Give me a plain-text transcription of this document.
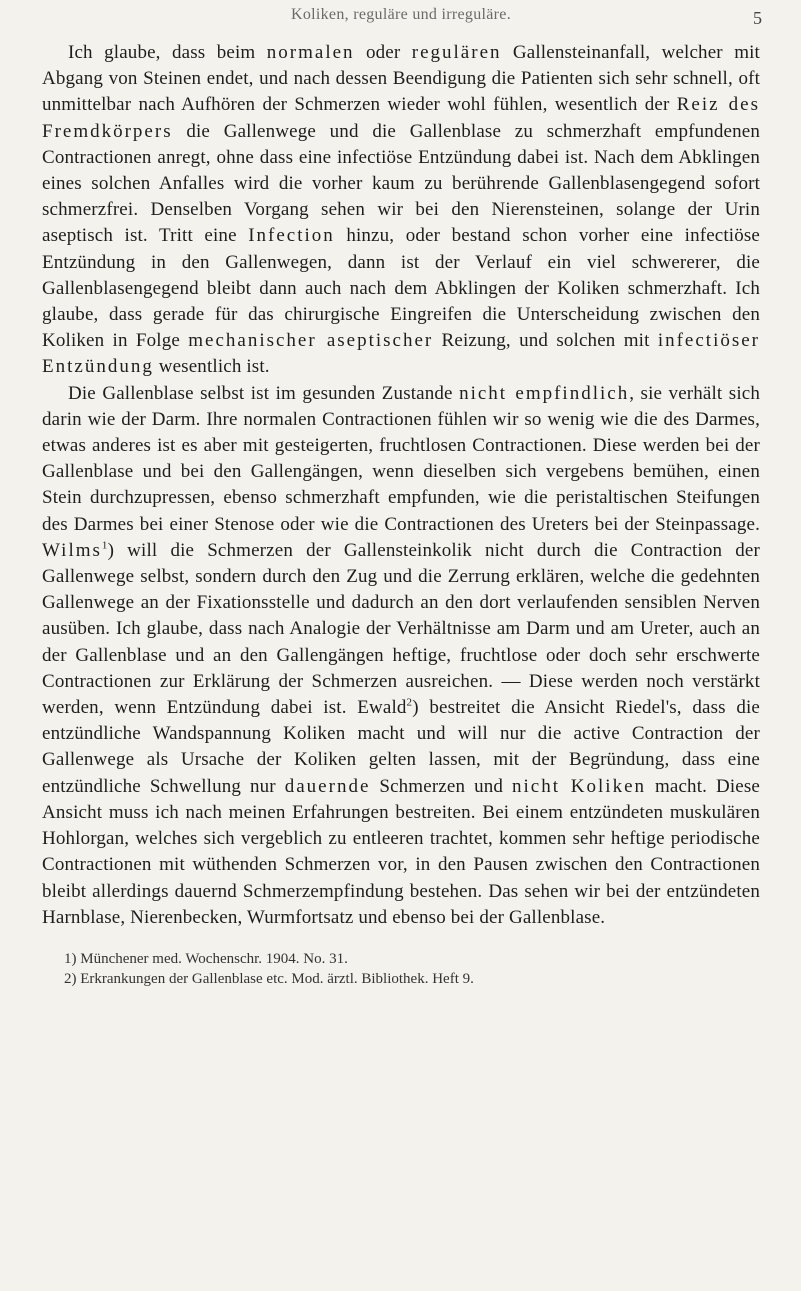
Koliken, reguläre und irreguläre.	5

Ich glaube, dass beim normalen oder regulären Gallensteinanfall, welcher mit Abgang von Steinen endet, und nach dessen Beendigung die Patienten sich sehr schnell, oft unmittelbar nach Aufhören der Schmerzen wieder wohl fühlen, wesentlich der Reiz des Fremdkörpers die Gallenwege und die Gallenblase zu schmerzhaft empfundenen Contractionen anregt, ohne dass eine infectiöse Entzündung dabei ist. Nach dem Abklingen eines solchen Anfalles wird die vorher kaum zu berührende Gallenblasengegend sofort schmerzfrei. Denselben Vorgang sehen wir bei den Nierensteinen, solange der Urin aseptisch ist. Tritt eine Infection hinzu, oder bestand schon vorher eine infectiöse Entzündung in den Gallenwegen, dann ist der Verlauf ein viel schwererer, die Gallenblasengegend bleibt dann auch nach dem Abklingen der Koliken schmerzhaft. Ich glaube, dass gerade für das chirurgische Eingreifen die Unterscheidung zwischen den Koliken in Folge mechanischer aseptischer Reizung, und solchen mit infectiöser Entzündung wesentlich ist.

Die Gallenblase selbst ist im gesunden Zustande nicht empfindlich, sie verhält sich darin wie der Darm. Ihre normalen Contractionen fühlen wir so wenig wie die des Darmes, etwas anderes ist es aber mit gesteigerten, fruchtlosen Contractionen. Diese werden bei der Gallenblase und bei den Gallengängen, wenn dieselben sich vergebens bemühen, einen Stein durchzupressen, ebenso schmerzhaft empfunden, wie die peristaltischen Steifungen des Darmes bei einer Stenose oder wie die Contractionen des Ureters bei der Steinpassage. Wilms$^1$) will die Schmerzen der Gallensteinkolik nicht durch die Contraction der Gallenwege selbst, sondern durch den Zug und die Zerrung erklären, welche die gedehnten Gallenwege an der Fixationsstelle und dadurch an den dort verlaufenden sensiblen Nerven ausüben. Ich glaube, dass nach Analogie der Verhältnisse am Darm und am Ureter, auch an der Gallenblase und an den Gallengängen heftige, fruchtlose oder doch sehr erschwerte Contractionen zur Erklärung der Schmerzen ausreichen. — Diese werden noch verstärkt werden, wenn Entzündung dabei ist. Ewald$^2$) bestreitet die Ansicht Riedel's, dass die entzündliche Wandspannung Koliken macht und will nur die active Contraction der Gallenwege als Ursache der Koliken gelten lassen, mit der Begründung, dass eine entzündliche Schwellung nur dauernde Schmerzen und nicht Koliken macht. Diese Ansicht muss ich nach meinen Erfahrungen bestreiten. Bei einem entzündeten muskulären Hohlorgan, welches sich vergeblich zu entleeren trachtet, kommen sehr heftige periodische Contractionen mit wüthenden Schmerzen vor, in den Pausen zwischen den Contractionen bleibt allerdings dauernd Schmerzempfindung bestehen. Das sehen wir bei der entzündeten Harnblase, Nierenbecken, Wurmfortsatz und ebenso bei der Gallenblase.

1) Münchener med. Wochenschr. 1904. No. 31.
2) Erkrankungen der Gallenblase etc. Mod. ärztl. Bibliothek. Heft 9.
